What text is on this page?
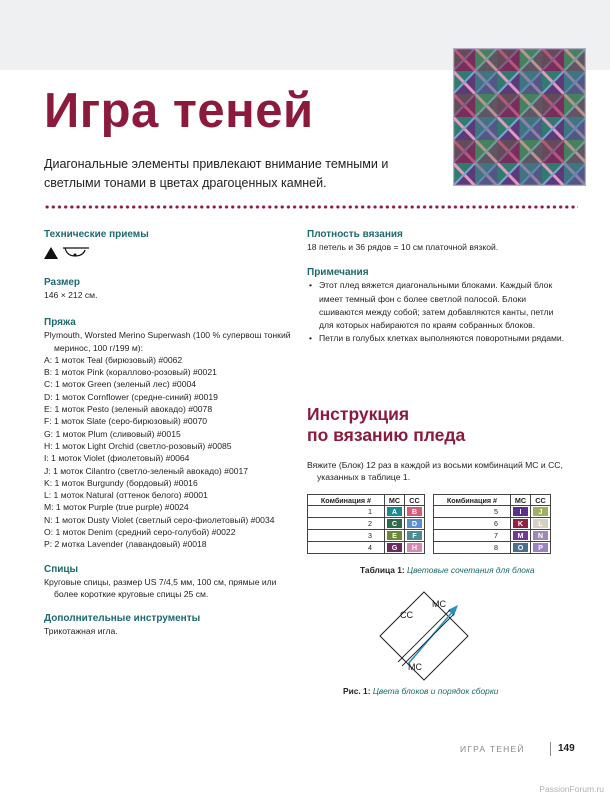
Игра теней

Диагональные элементы привлекают внимание темными и светлыми тонами в цветах драгоценных камней.

Технические приемы
Размер
146 × 212 см.
Пряжа
Plymouth, Worsted Merino Superwash (100 % супервош тонкий меринос, 100 г/199 м):
A: 1 моток Teal (бирюзовый) #0062
B: 1 моток Pink (кораллово-розовый) #0021
C: 1 моток Green (зеленый лес) #0004
D: 1 моток Cornflower (средне-синий) #0019
E: 1 моток Pesto (зеленый авокадо) #0078
F: 1 моток Slate (серо-бирюзовый) #0070
G: 1 моток Plum (сливовый) #0015
H: 1 моток Light Orchid (светло-розовый) #0085
I: 1 моток Violet (фиолетовый) #0064
J: 1 моток Cilantro (светло-зеленый авокадо) #0017
K: 1 моток Burgundy (бордовый) #0016
L: 1 моток Natural (оттенок белого) #0001
M: 1 моток Purple (true purple) #0024
N: 1 моток Dusty Violet (светлый серо-фиолетовый) #0034
O: 1 моток Denim (средний серо-голубой) #0022
P: 2 мотка Lavender (лавандовый) #0018
Спицы
Круговые спицы, размер US 7/4,5 мм, 100 см, прямые или более короткие круговые спицы 25 см.
Дополнительные инструменты
Трикотажная игла.
Плотность вязания
18 петель и 36 рядов = 10 см платочной вязкой.
Примечания
• Этот плед вяжется диагональными блоками. Каждый блок имеет темный фон с более светлой полосой. Блоки сшиваются между собой; затем добавляются канты, петли для которых набираются по краям собранных блоков.
• Петли в голубых клетках выполняются поворотными рядами.
Инструкция
по вязанию пледа
Вяжите (Блок) 12 раз в каждой из восьми комбинаций МС и СС, указанных в таблице 1.
Комбинация #	МС	СС
1	A	B

2	C	D

3	E	F

4	G	H
Комбинация #	МС	СС
5	I	J

6	K	L

7	M	N

8	O	P
Таблица 1: Цветовые сочетания для блока
CC
MC
MC
Рис. 1: Цвета блоков и порядок сборки
ИГРА ТЕНЕЙ	149
PassionForum.ru
